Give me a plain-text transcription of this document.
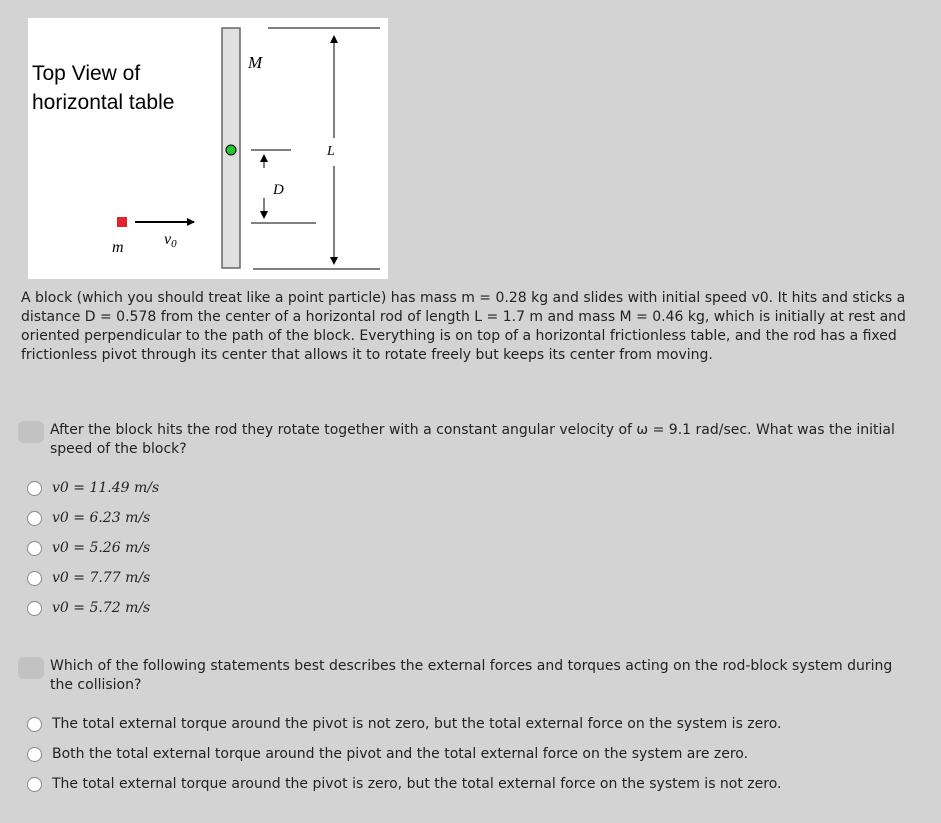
Top View of
horizontal table
M
L
D
v0
m

A block (which you should treat like a point particle) has mass m = 0.28 kg and slides with initial speed v0. It hits and sticks a distance D = 0.578 from the center of a horizontal rod of length L = 1.7 m and mass M = 0.46 kg, which is initially at rest and oriented perpendicular to the path of the block. Everything is on top of a horizontal frictionless table, and the rod has a fixed frictionless pivot through its center that allows it to rotate freely but keeps its center from moving.

After the block hits the rod they rotate together with a constant angular velocity of ω = 9.1 rad/sec. What was the initial speed of the block?
v0 = 11.49 m/s
v0 = 6.23 m/s
v0 = 5.26 m/s
v0 = 7.77 m/s
v0 = 5.72 m/s
Which of the following statements best describes the external forces and torques acting on the rod-block system during the collision?
The total external torque around the pivot is not zero, but the total external force on the system is zero.
Both the total external torque around the pivot and the total external force on the system are zero.
The total external torque around the pivot is zero, but the total external force on the system is not zero.
